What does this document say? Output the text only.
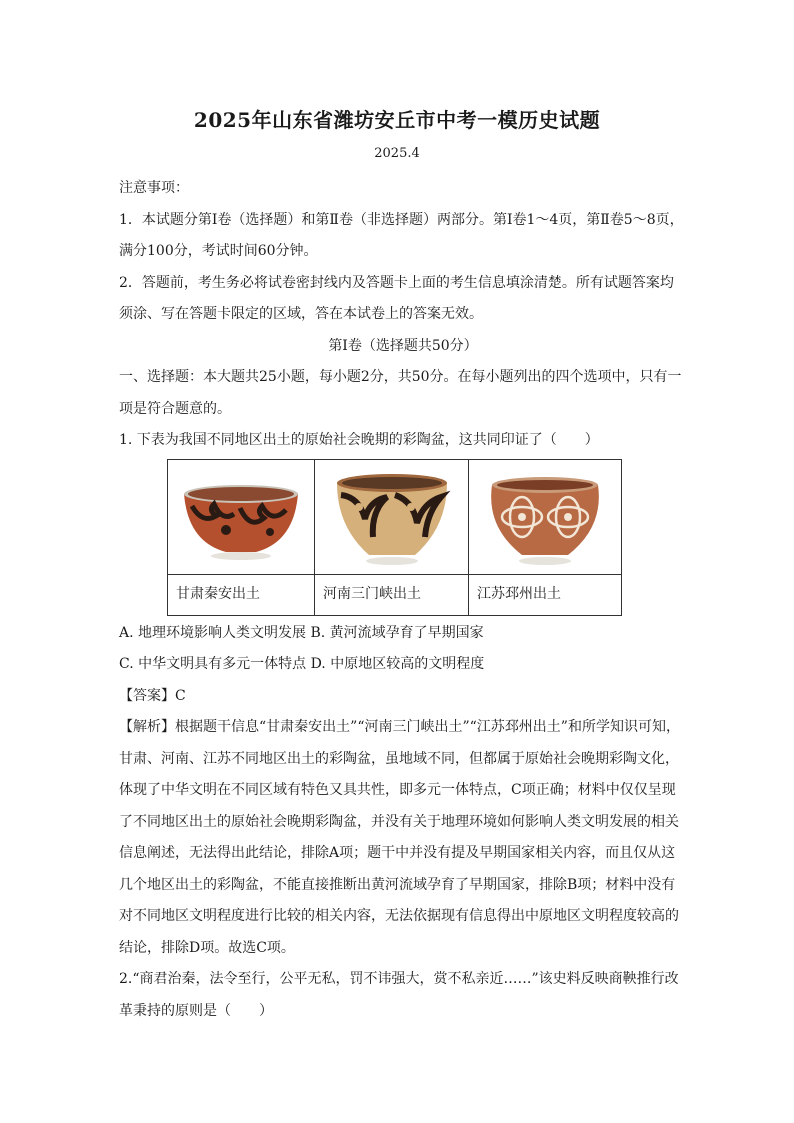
2025年山东省潍坊安丘市中考一模历史试题
2025.4

注意事项：

1．本试题分第Ⅰ卷（选择题）和第Ⅱ卷（非选择题）两部分。第Ⅰ卷1～4页，第Ⅱ卷5～8页，满分100分，考试时间60分钟。

2．答题前，考生务必将试卷密封线内及答题卡上面的考生信息填涂清楚。所有试题答案均须涂、写在答题卡限定的区域，答在本试卷上的答案无效。

第Ⅰ卷（选择题共50分）

一、选择题：本大题共25小题，每小题2分，共50分。在每小题列出的四个选项中，只有一项是符合题意的。

1. 下表为我国不同地区出土的原始社会晚期的彩陶盆，这共同印证了（　　）

甘肃秦安出土	河南三门峡出土	江苏邳州出土

A. 地理环境影响人类文明发展 B. 黄河流域孕育了早期国家

C. 中华文明具有多元一体特点 D. 中原地区较高的文明程度

【答案】C

【解析】根据题干信息“甘肃秦安出土”“河南三门峡出土”“江苏邳州出土”和所学知识可知，甘肃、河南、江苏不同地区出土的彩陶盆，虽地域不同，但都属于原始社会晚期彩陶文化，体现了中华文明在不同区域有特色又具共性，即多元一体特点，C项正确；材料中仅仅呈现了不同地区出土的原始社会晚期彩陶盆，并没有关于地理环境如何影响人类文明发展的相关信息阐述，无法得出此结论，排除A项；题干中并没有提及早期国家相关内容，而且仅从这几个地区出土的彩陶盆，不能直接推断出黄河流域孕育了早期国家，排除B项；材料中没有对不同地区文明程度进行比较的相关内容，无法依据现有信息得出中原地区文明程度较高的结论，排除D项。故选C项。

2.“商君治秦，法令至行，公平无私，罚不讳强大，赏不私亲近……”该史料反映商鞅推行改革秉持的原则是（　　）
